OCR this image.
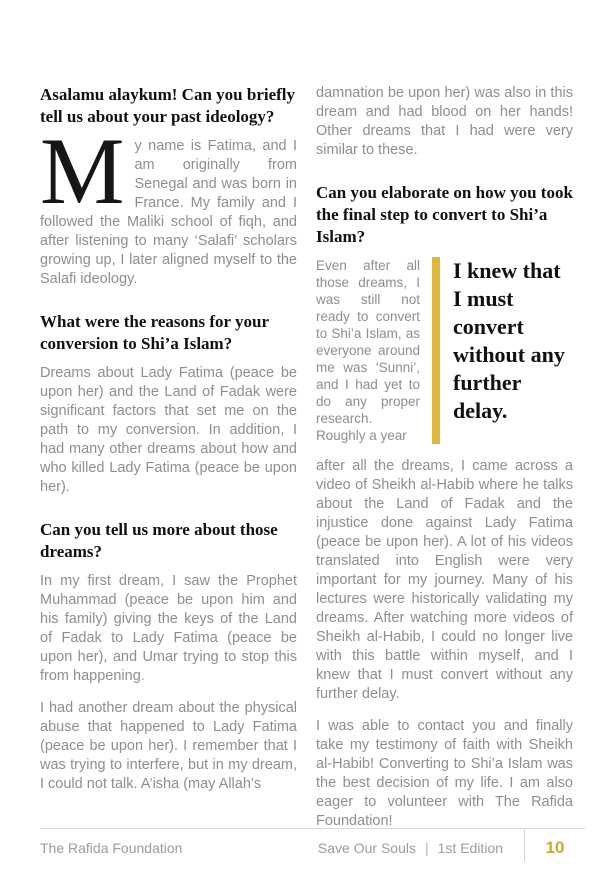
Asalamu alaykum! Can you briefly tell us about your past ideology?

My name is Fatima, and I am originally from Senegal and was born in France. My family and I followed the Maliki school of fiqh, and after listening to many ‘Salafi’ scholars growing up, I later aligned myself to the Salafi ideology.

What were the reasons for your conversion to Shi’a Islam?

Dreams about Lady Fatima (peace be upon her) and the Land of Fadak were significant factors that set me on the path to my conversion. In addition, I had many other dreams about how and who killed Lady Fatima (peace be upon her).

Can you tell us more about those dreams?

In my first dream, I saw the Prophet Muhammad (peace be upon him and his family) giving the keys of the Land of Fadak to Lady Fatima (peace be upon her), and Umar trying to stop this from happening.

I had another dream about the physical abuse that happened to Lady Fatima (peace be upon her). I remember that I was trying to interfere, but in my dream, I could not talk. A’isha (may Allah’s

damnation be upon her) was also in this dream and had blood on her hands! Other dreams that I had were very similar to these.

Can you elaborate on how you took the final step to convert to Shi’a Islam?

Even after all those dreams, I was still not ready to convert to Shi’a Islam, as everyone around me was ‘Sunni’, and I had yet to do any proper research. Roughly a year

I knew that I must convert without any further delay.

after all the dreams, I came across a video of Sheikh al-Habib where he talks about the Land of Fadak and the injustice done against Lady Fatima (peace be upon her). A lot of his videos translated into English were very important for my journey. Many of his lectures were historically validating my dreams. After watching more videos of Sheikh al-Habib, I could no longer live with this battle within myself, and I knew that I must convert without any further delay.

I was able to contact you and finally take my testimony of faith with Sheikh al-Habib! Converting to Shi’a Islam was the best decision of my life. I am also eager to volunteer with The Rafida Foundation!

The Rafida Foundation	Save Our Souls | 1st Edition	10
